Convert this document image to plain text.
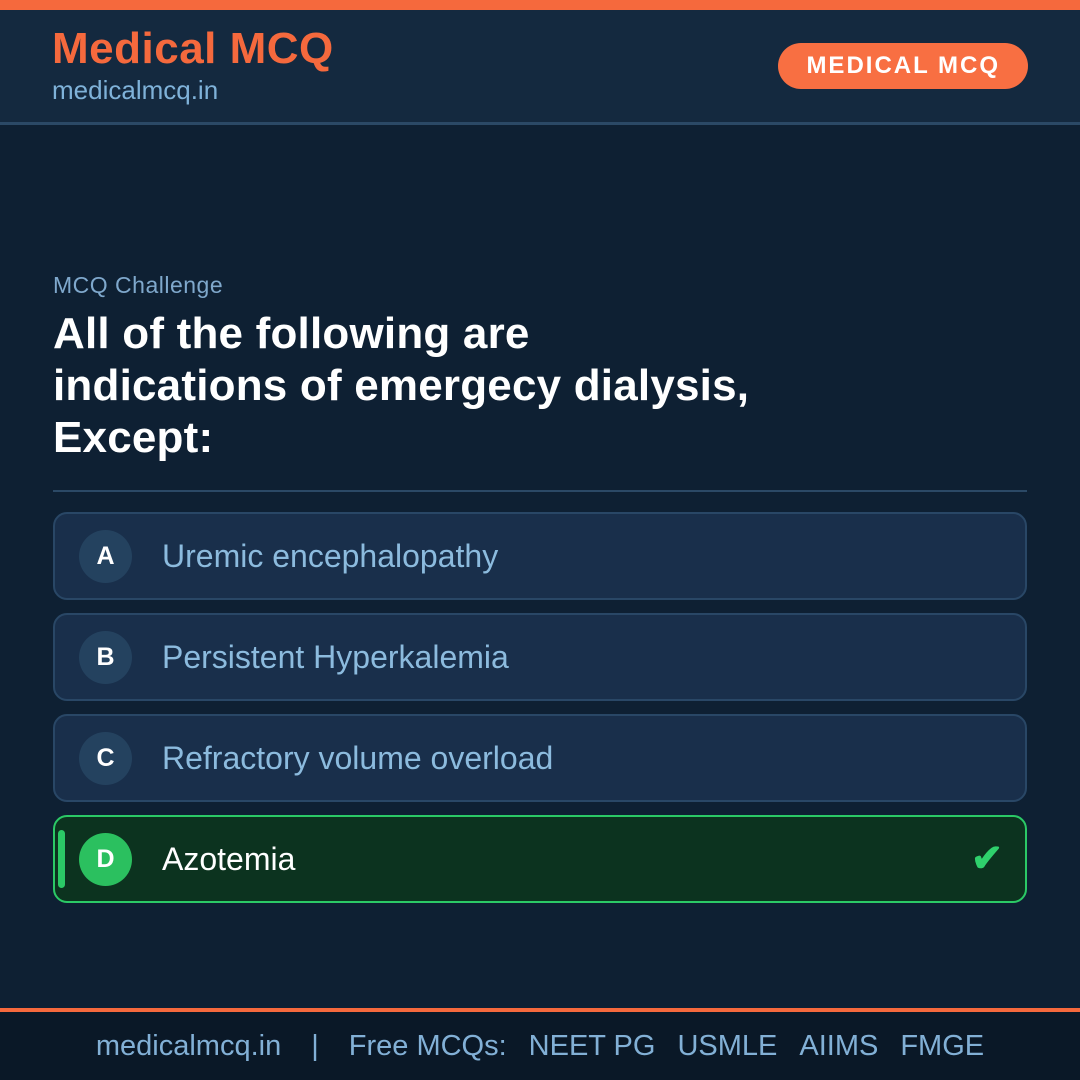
Medical MCQ
medicalmcq.in
MEDICAL MCQ
MCQ Challenge
All of the following are
indications of emergecy dialysis,
Except:
A	Uremic encephalopathy
B	Persistent Hyperkalemia
C	Refractory volume overload
D	Azotemia	✔
medicalmcq.in | Free MCQs: NEET PG USMLE AIIMS FMGE
